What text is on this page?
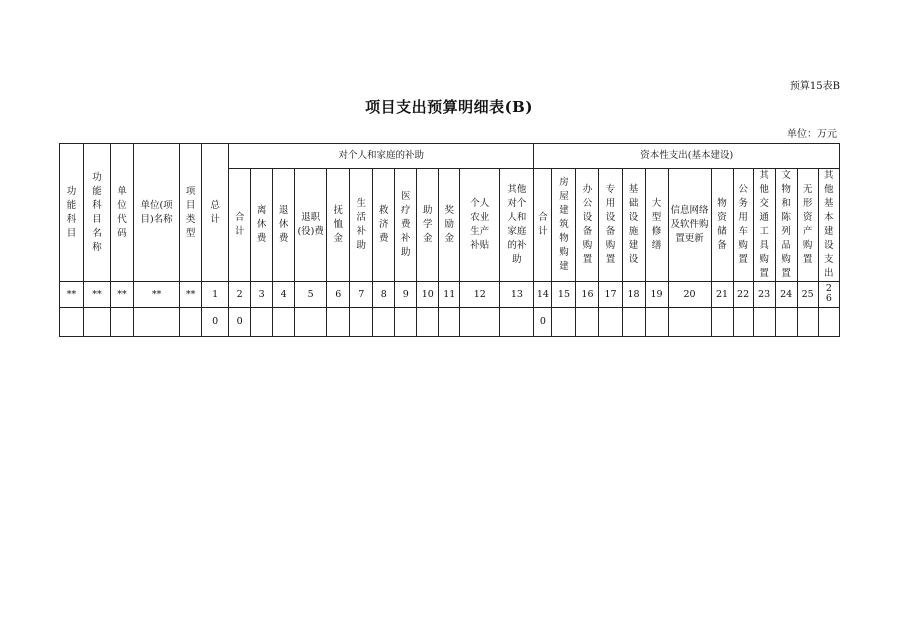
预算15表B
项目支出预算明细表(B)
单位：万元
功能科目	功能科目名称	单位代码	单位(项目)名称	项目类型	总计	对个人和家庭的补助												资本性支出(基本建设)												
						合计	离休费	退休费	退职(役)费	抚恤金	生活补助	救济费	医疗费补助	助学金	奖励金	个人农业生产补贴	其他对个人和家庭的补助	合计	房屋建筑物购建	办公设备购置	专用设备购置	基础设施建设	大型修缮	信息网络及软件购置更新	物资储备	公务用车购置	其他交通工具购置	文物和陈列品购置	无形资产购置	其他基本建设支出
**	**	**	**	**	1	2	3	4	5	6	7	8	9	10	11	12	13	14	15	16	17	18	19	20	21	22	23	24	25	26
					0	0												0												
